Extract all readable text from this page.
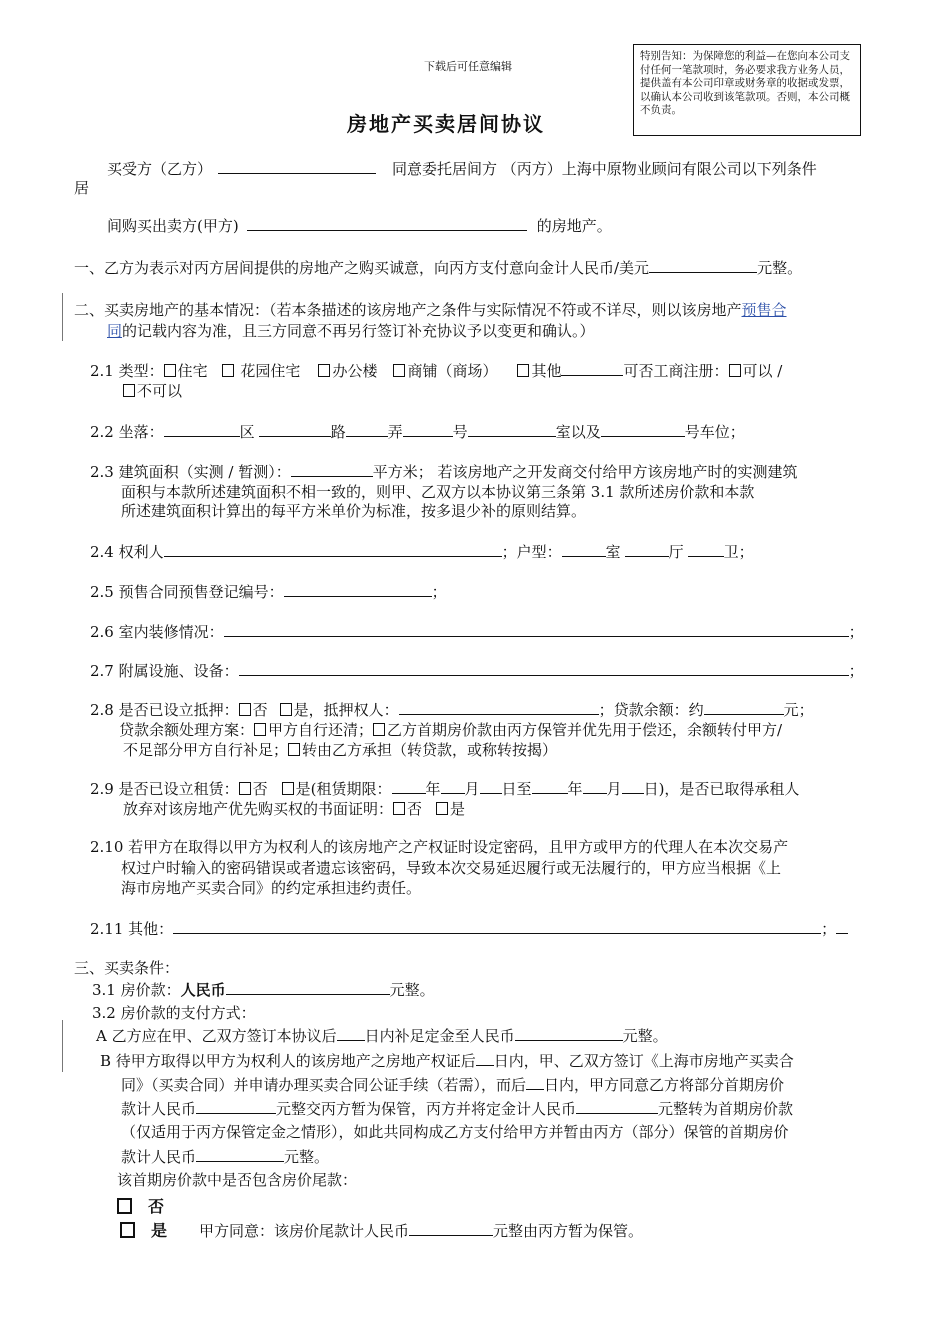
下载后可任意编辑
特别告知：为保障您的利益—在您向本公司支付任何一笔款项时，务必要求我方业务人员，提供盖有本公司印章或财务章的收据或发票，以确认本公司收到该笔款项。否则，本公司概不负责。
房地产买卖居间协议
买受方（乙方）	同意委托居间方 （丙方）上海中原物业顾问有限公司以下列条件
居
间购买出卖方(甲方)	的房地产。
一、乙方为表示对丙方居间提供的房地产之购买诚意，向丙方支付意向金计人民币/美元	元整。
二、买卖房地产的基本情况：（若本条描述的该房地产之条件与实际情况不符或不详尽，则以该房地产预售合
同的记载内容为准，且三方同意不再另行签订补充协议予以变更和确认。）
2.1 类型： 住宅 花园住宅 办公楼 商铺（商场） 其他	可否工商注册： 可以 /
不可以
2.2 坐落：	区	路	弄	号	室以及	号车位；
2.3 建筑面积（实测 / 暂测）：	平方米； 若该房地产之开发商交付给甲方该房地产时的实测建筑
面积与本款所述建筑面积不相一致的，则甲、乙双方以本协议第三条第 3.1 款所述房价款和本款
所述建筑面积计算出的每平方米单价为标准，按多退少补的原则结算。
2.4 权利人	；户型：	室	厅	卫；
2.5 预售合同预售登记编号：	；
2.6 室内装修情况：	；
2.7 附属设施、设备：	；
2.8 是否已设立抵押： 否 是，抵押权人：	；贷款余额：约	元；
贷款余额处理方案： 甲方自行还清； 乙方首期房价款由丙方保管并优先用于偿还，余额转付甲方/
不足部分甲方自行补足； 转由乙方承担（转贷款，或称转按揭）
2.9 是否已设立租赁： 否 是(租赁期限： 年 月 日至 年 月 日)，是否已取得承租人
放弃对该房地产优先购买权的书面证明： 否 是
2.10 若甲方在取得以甲方为权利人的该房地产之产权证时设定密码，且甲方或甲方的代理人在本次交易产
权过户时输入的密码错误或者遗忘该密码，导致本次交易延迟履行或无法履行的，甲方应当根据《上
海市房地产买卖合同》的约定承担违约责任。
2.11 其他：	；
三、买卖条件：
3.1 房价款：人民币	元整。
3.2 房价款的支付方式：
A 乙方应在甲、乙双方签订本协议后 日内补足定金至人民币	元整。
B 待甲方取得以甲方为权利人的该房地产之房地产权证后 日内，甲、乙双方签订《上海市房地产买卖合
同》（买卖合同）并申请办理买卖合同公证手续（若需），而后 日内，甲方同意乙方将部分首期房价
款计人民币	元整交丙方暂为保管，丙方并将定金计人民币	元整转为首期房价款
（仅适用于丙方保管定金之情形），如此共同构成乙方支付给甲方并暂由丙方（部分）保管的首期房价
款计人民币	元整。
该首期房价款中是否包含房价尾款：
否
是 甲方同意：该房价尾款计人民币	元整由丙方暂为保管。
